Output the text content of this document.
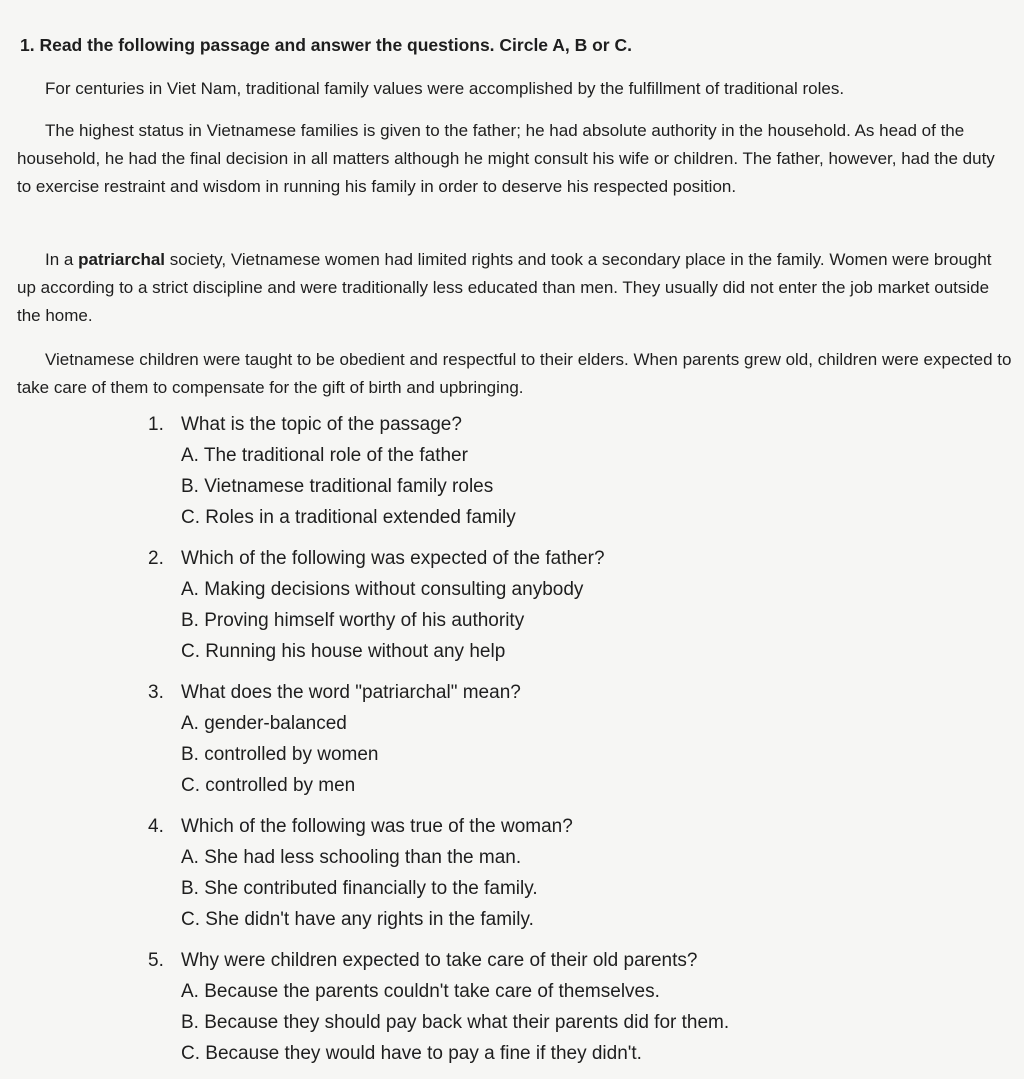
1. Read the following passage and answer the questions. Circle A, B or C.
For centuries in Viet Nam, traditional family values were accomplished by the fulfillment of traditional roles.
The highest status in Vietnamese families is given to the father; he had absolute authority in the household. As head of the household, he had the final decision in all matters although he might consult his wife or children. The father, however, had the duty to exercise restraint and wisdom in running his family in order to deserve his respected position.
In a patriarchal society, Vietnamese women had limited rights and took a secondary place in the family. Women were brought up according to a strict discipline and were traditionally less educated than men. They usually did not enter the job market outside the home.
Vietnamese children were taught to be obedient and respectful to their elders. When parents grew old, children were expected to take care of them to compensate for the gift of birth and upbringing.
1. What is the topic of the passage?
A. The traditional role of the father
B. Vietnamese traditional family roles
C. Roles in a traditional extended family
2. Which of the following was expected of the father?
A. Making decisions without consulting anybody
B. Proving himself worthy of his authority
C. Running his house without any help
3. What does the word "patriarchal" mean?
A. gender-balanced
B. controlled by women
C. controlled by men
4. Which of the following was true of the woman?
A. She had less schooling than the man.
B. She contributed financially to the family.
C. She didn't have any rights in the family.
5. Why were children expected to take care of their old parents?
A. Because the parents couldn't take care of themselves.
B. Because they should pay back what their parents did for them.
C. Because they would have to pay a fine if they didn't.
